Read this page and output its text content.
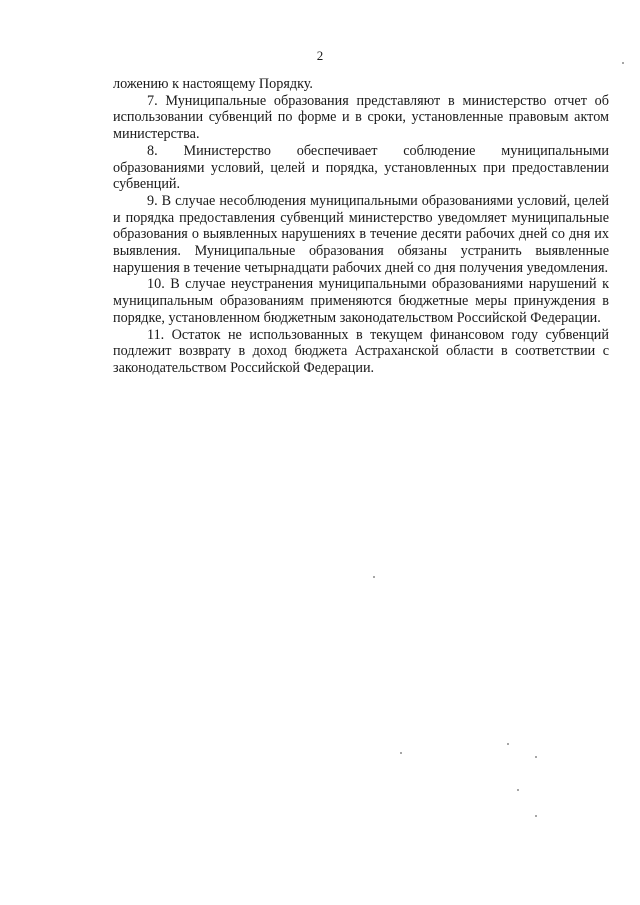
2

ложению к настоящему Порядку.

7. Муниципальные образования представляют в министерство отчет об использовании субвенций по форме и в сроки, установленные правовым актом министерства.

8. Министерство обеспечивает соблюдение муниципальными образованиями условий, целей и порядка, установленных при предоставлении субвенций.

9. В случае несоблюдения муниципальными образованиями условий, целей и порядка предоставления субвенций министерство уведомляет муниципальные образования о выявленных нарушениях в течение десяти рабочих дней со дня их выявления. Муниципальные образования обязаны устранить выявленные нарушения в течение четырнадцати рабочих дней со дня получения уведомления.

10. В случае неустранения муниципальными образованиями нарушений к муниципальным образованиям применяются бюджетные меры принуждения в порядке, установленном бюджетным законодательством Российской Федерации.

11. Остаток не использованных в текущем финансовом году субвенций подлежит возврату в доход бюджета Астраханской области в соответствии с законодательством Российской Федерации.
